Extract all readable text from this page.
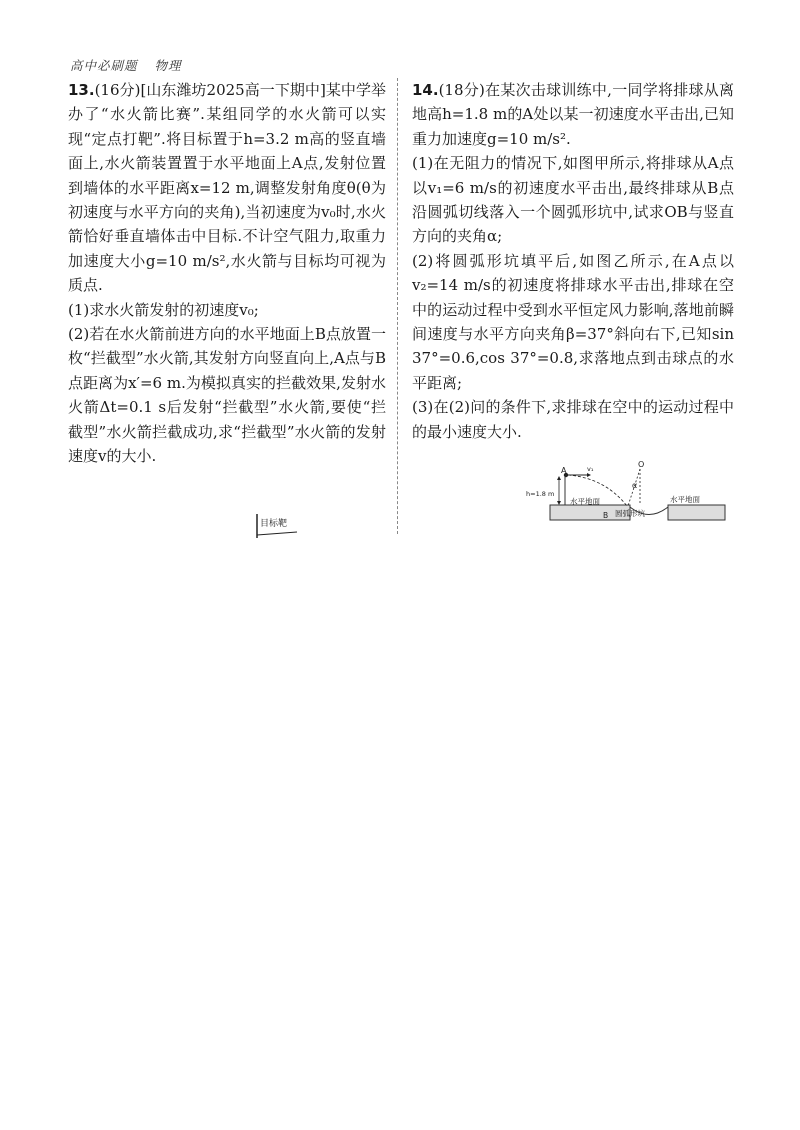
高中必刷题 物理

13.(16分)[山东潍坊2025高一下期中]某中学举办了“水火箭比赛”.某组同学的水火箭可以实现“定点打靶”.将目标置于h=3.2 m高的竖直墙面上,水火箭装置置于水平地面上A点,发射位置到墙体的水平距离x=12 m,调整发射角度θ(θ为初速度与水平方向的夹角),当初速度为v₀时,水火箭恰好垂直墙体击中目标.不计空气阻力,取重力加速度大小g=10 m/s²,水火箭与目标均可视为质点.

(1)求水火箭发射的初速度v₀;

(2)若在水火箭前进方向的水平地面上B点放置一枚“拦截型”水火箭,其发射方向竖直向上,A点与B点距离为x′=6 m.为模拟真实的拦截效果,发射水火箭Δt=0.1 s后发射“拦截型”水火箭,要使“拦截型”水火箭拦截成功,求“拦截型”水火箭的发射速度v的大小.

目标靶

14.(18分)在某次击球训练中,一同学将排球从离地高h=1.8 m的A处以某一初速度水平击出,已知重力加速度g=10 m/s².

(1)在无阻力的情况下,如图甲所示,将排球从A点以v₁=6 m/s的初速度水平击出,最终排球从B点沿圆弧切线落入一个圆弧形坑中,试求OB与竖直方向的夹角α;

(2)将圆弧形坑填平后,如图乙所示,在A点以v₂=14 m/s的初速度将排球水平击出,排球在空中的运动过程中受到水平恒定风力影响,落地前瞬间速度与水平方向夹角β=37°斜向右下,已知sin 37°=0.6,cos 37°=0.8,求落地点到击球点的水平距离;

(3)在(2)问的条件下,求排球在空中的运动过程中的最小速度大小.

A	v₁	O
α
B
h=1.8 m
水平地面
圆弧形坑
水平地面
